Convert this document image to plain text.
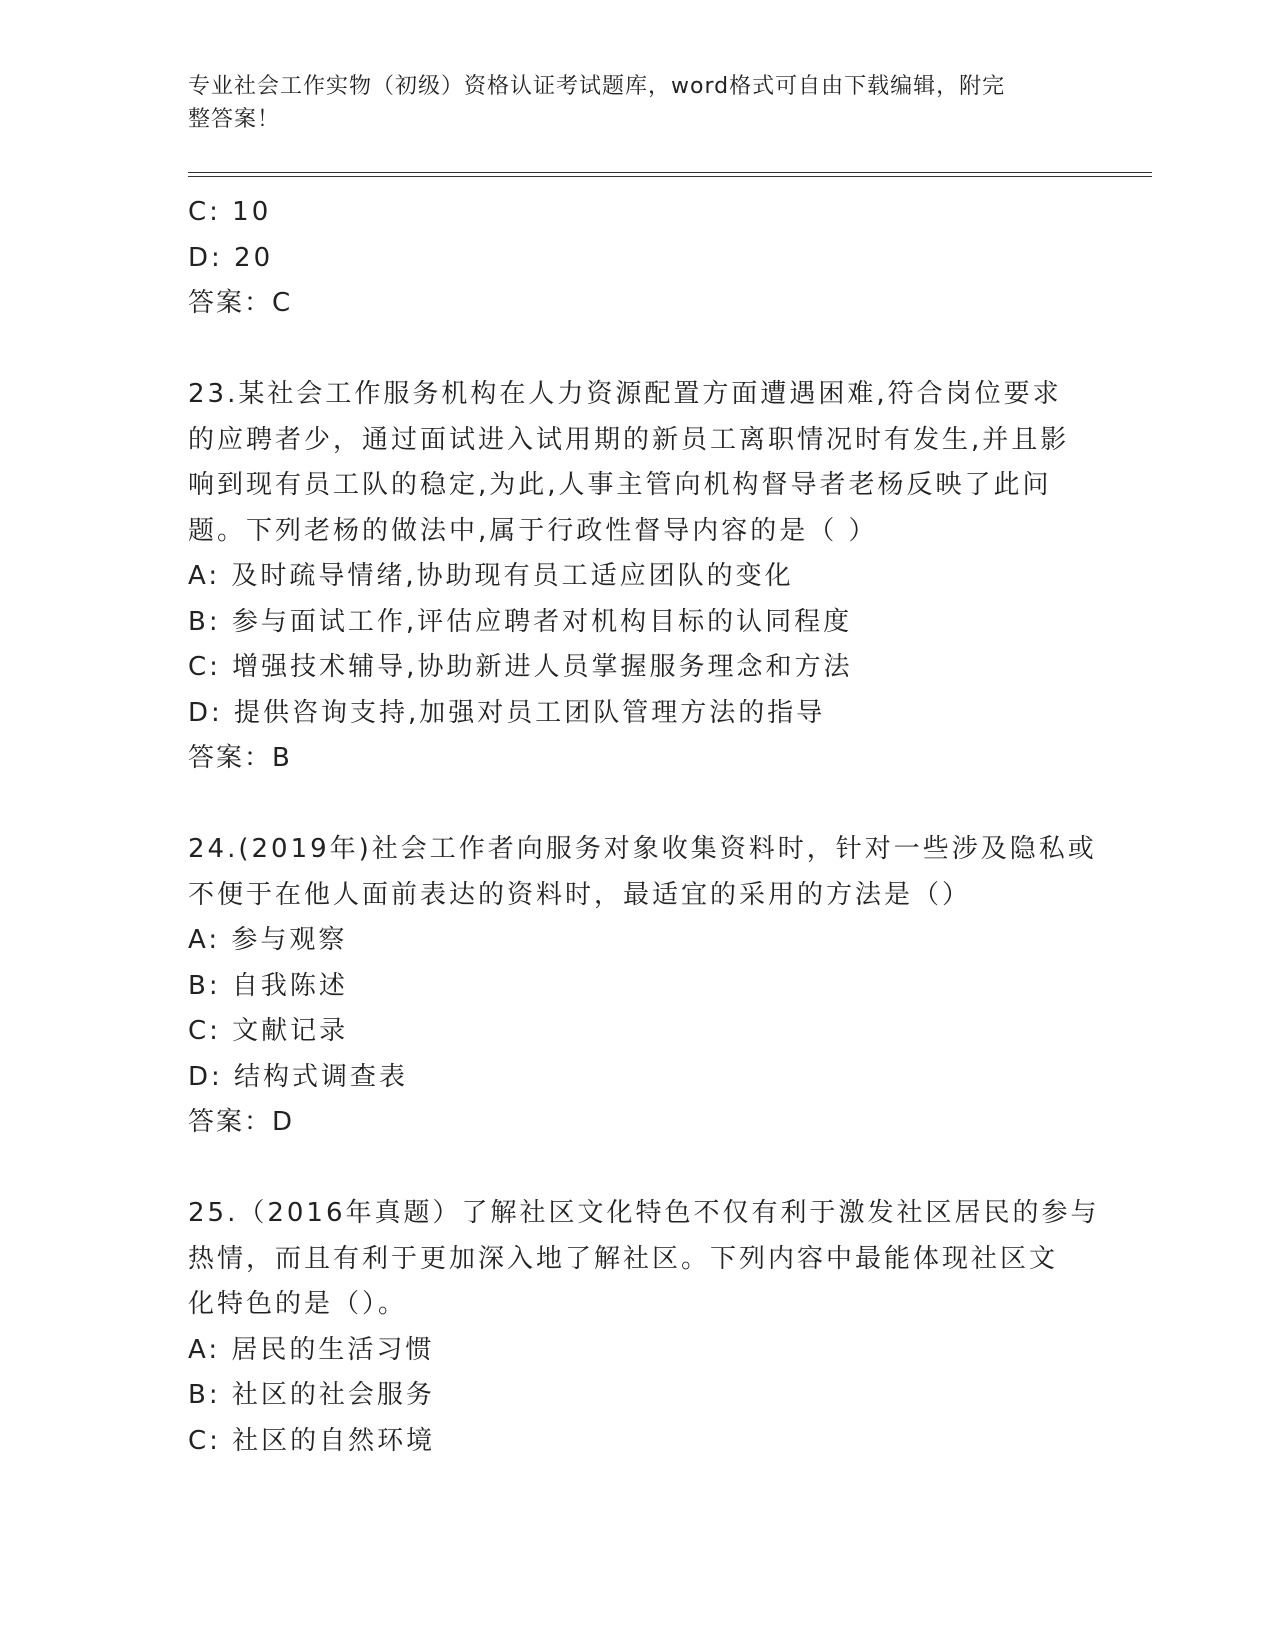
专业社会工作实物（初级）资格认证考试题库，word格式可自由下载编辑，附完
整答案！
C: 10
D: 20
答案：C
23.某社会工作服务机构在人力资源配置方面遭遇困难,符合岗位要求
的应聘者少，通过面试进入试用期的新员工离职情况时有发生,并且影
响到现有员工队的稳定,为此,人事主管向机构督导者老杨反映了此问
题。下列老杨的做法中,属于行政性督导内容的是（ ）
A: 及时疏导情绪,协助现有员工适应团队的变化
B: 参与面试工作,评估应聘者对机构目标的认同程度
C: 增强技术辅导,协助新进人员掌握服务理念和方法
D: 提供咨询支持,加强对员工团队管理方法的指导
答案：B
24.(2019年)社会工作者向服务对象收集资料时，针对一些涉及隐私或
不便于在他人面前表达的资料时，最适宜的采用的方法是（）
A: 参与观察
B: 自我陈述
C: 文献记录
D: 结构式调查表
答案：D
25.（2016年真题）了解社区文化特色不仅有利于激发社区居民的参与
热情，而且有利于更加深入地了解社区。下列内容中最能体现社区文
化特色的是（）。
A: 居民的生活习惯
B: 社区的社会服务
C: 社区的自然环境
